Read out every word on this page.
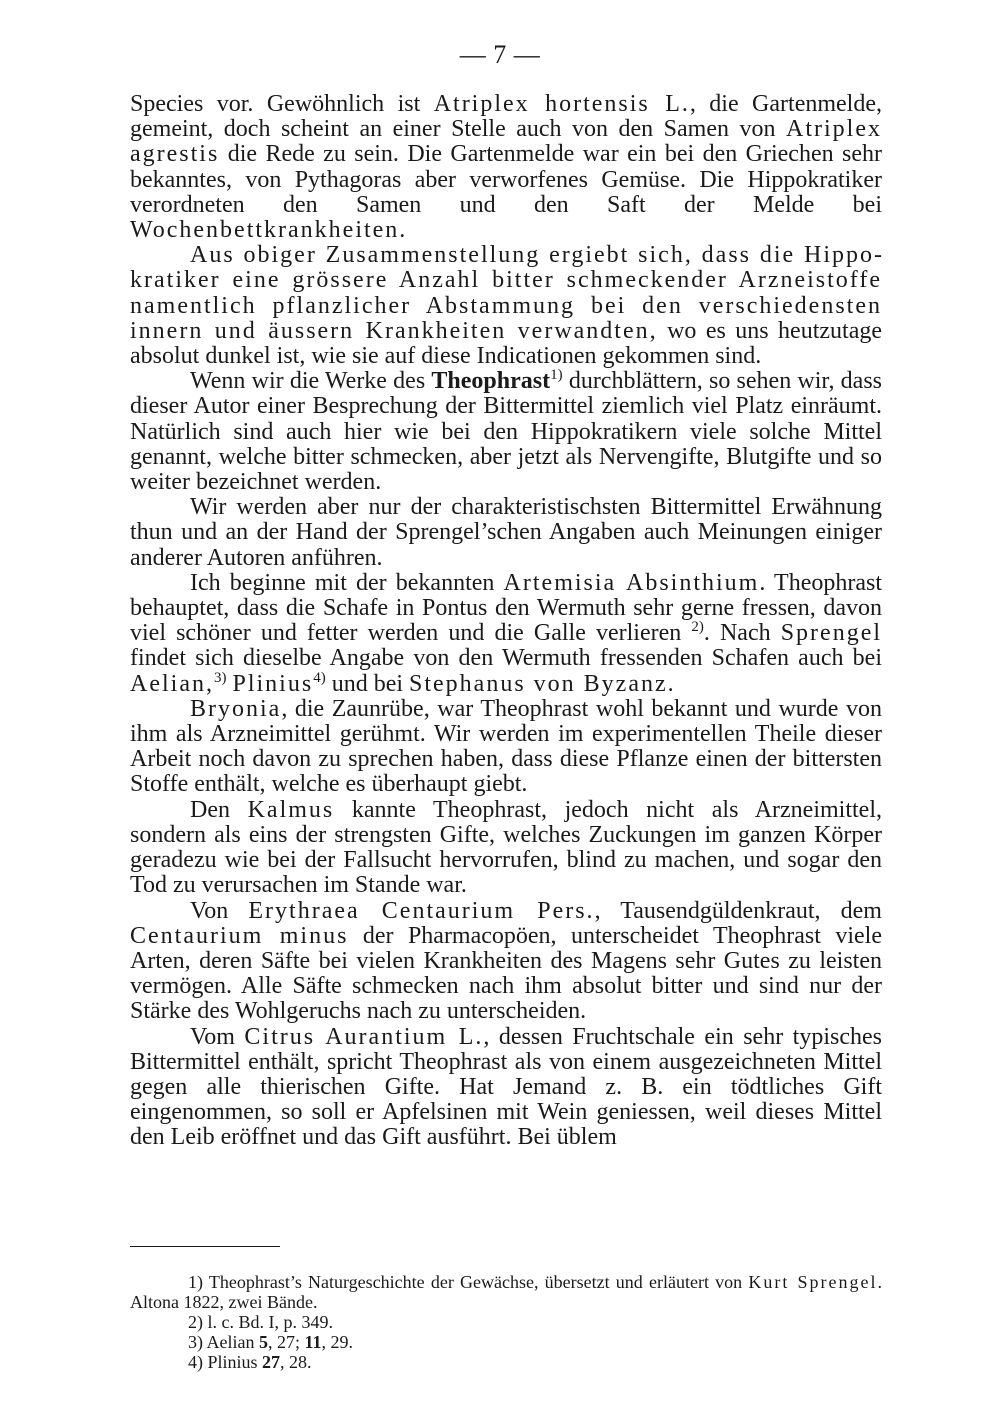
— 7 —

Species vor. Gewöhnlich ist Atriplex hortensis L., die Gartenmelde, gemeint, doch scheint an einer Stelle auch von den Samen von Atriplex agrestis die Rede zu sein. Die Gartenmelde war ein bei den Griechen sehr bekanntes, von Pythagoras aber verworfenes Gemüse. Die Hippokratiker verordneten den Samen und den Saft der Melde bei Wochenbettkrankheiten.

Aus obiger Zusammenstellung ergiebt sich, dass die Hippokratiker eine grössere Anzahl bitter schmeckender Arzneistoffe namentlich pflanzlicher Abstammung bei den verschiedensten innern und äussern Krankheiten verwandten, wo es uns heutzutage absolut dunkel ist, wie sie auf diese Indicationen gekommen sind.

Wenn wir die Werke des Theophrast$^{1)}$ durchblättern, so sehen wir, dass dieser Autor einer Besprechung der Bittermittel ziemlich viel Platz einräumt. Natürlich sind auch hier wie bei den Hippokratikern viele solche Mittel genannt, welche bitter schmecken, aber jetzt als Nervengifte, Blutgifte und so weiter bezeichnet werden.

Wir werden aber nur der charakteristischsten Bittermittel Erwähnung thun und an der Hand der Sprengel’schen Angaben auch Meinungen einiger anderer Autoren anführen.

Ich beginne mit der bekannten Artemisia Absinthium. Theophrast behauptet, dass die Schafe in Pontus den Wermuth sehr gerne fressen, davon viel schöner und fetter werden und die Galle verlieren $^{2)}$. Nach Sprengel findet sich dieselbe Angabe von den Wermuth fressenden Schafen auch bei Aelian,$^{3)}$ Plinius$^{4)}$ und bei Stephanus von Byzanz.

Bryonia, die Zaunrübe, war Theophrast wohl bekannt und wurde von ihm als Arzneimittel gerühmt. Wir werden im experimentellen Theile dieser Arbeit noch davon zu sprechen haben, dass diese Pflanze einen der bittersten Stoffe enthält, welche es überhaupt giebt.

Den Kalmus kannte Theophrast, jedoch nicht als Arzneimittel, sondern als eins der strengsten Gifte, welches Zuckungen im ganzen Körper geradezu wie bei der Fallsucht hervorrufen, blind zu machen, und sogar den Tod zu verursachen im Stande war.

Von Erythraea Centaurium Pers., Tausendgüldenkraut, dem Centaurium minus der Pharmacopöen, unterscheidet Theophrast viele Arten, deren Säfte bei vielen Krankheiten des Magens sehr Gutes zu leisten vermögen. Alle Säfte schmecken nach ihm absolut bitter und sind nur der Stärke des Wohlgeruchs nach zu unterscheiden.

Vom Citrus Aurantium L., dessen Fruchtschale ein sehr typisches Bittermittel enthält, spricht Theophrast als von einem ausgezeichneten Mittel gegen alle thierischen Gifte. Hat Jemand z. B. ein tödtliches Gift eingenommen, so soll er Apfelsinen mit Wein geniessen, weil dieses Mittel den Leib eröffnet und das Gift ausführt. Bei üblem

1) Theophrast’s Naturgeschichte der Gewächse, übersetzt und erläutert von Kurt Sprengel. Altona 1822, zwei Bände.

2) l. c. Bd. I, p. 349.

3) Aelian 5, 27; 11, 29.

4) Plinius 27, 28.
